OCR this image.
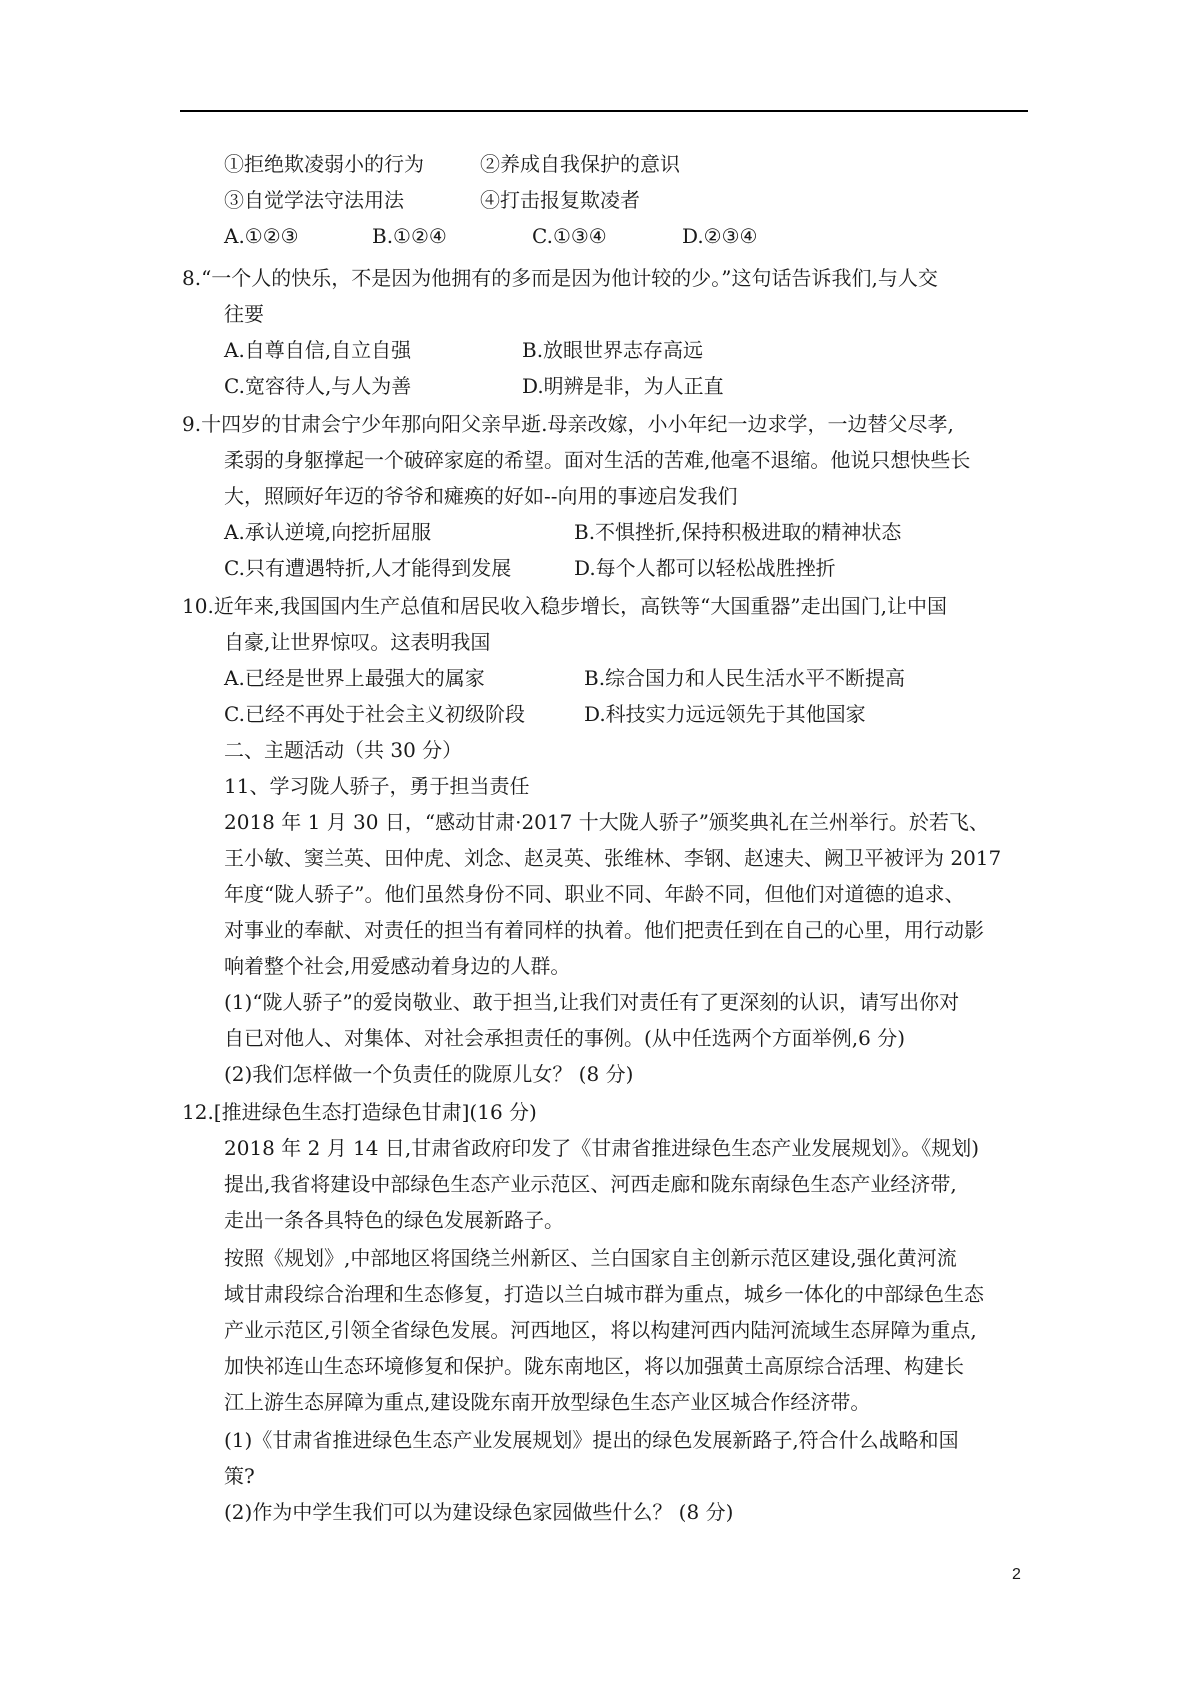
①拒绝欺凌弱小的行为	②养成自我保护的意识
③自觉学法守法用法	④打击报复欺凌者
A.①②③	B.①②④	C.①③④	D.②③④
8.“一个人的快乐，不是因为他拥有的多而是因为他计较的少。”这句话告诉我们,与人交
往要
A.自尊自信,自立自强	B.放眼世界志存高远
C.宽容待人,与人为善	D.明辨是非，为人正直
9.十四岁的甘肃会宁少年那向阳父亲早逝.母亲改嫁，小小年纪一边求学，一边替父尽孝,
柔弱的身躯撑起一个破碎家庭的希望。面对生活的苦难,他毫不退缩。他说只想快些长
大，照顾好年迈的爷爷和瘫痪的好如--向用的事迹启发我们
A.承认逆境,向挖折屈服	B.不惧挫折,保持积极进取的精神状态
C.只有遭遇特折,人才能得到发展	D.每个人都可以轻松战胜挫折
10.近年来,我国国内生产总值和居民收入稳步增长，高铁等“大国重器”走出国门,让中国
自豪,让世界惊叹。这表明我国
A.已经是世界上最强大的属家	B.综合国力和人民生活水平不断提高
C.已经不再处于社会主义初级阶段	D.科技实力远远领先于其他国家
二、主题活动（共 30 分）
11、学习陇人骄子，勇于担当责任
2018 年 1 月 30 日，“感动甘肃·2017 十大陇人骄子”颁奖典礼在兰州举行。於若飞、
王小敏、窦兰英、田仲虎、刘念、赵灵英、张维林、李钢、赵速夫、阙卫平被评为 2017
年度“陇人骄子”。他们虽然身份不同、职业不同、年龄不同，但他们对道德的追求、
对事业的奉献、对责任的担当有着同样的执着。他们把责任到在自己的心里，用行动影
响着整个社会,用爱感动着身边的人群。
(1)“陇人骄子”的爱岗敬业、敢于担当,让我们对责任有了更深刻的认识，请写出你对
自已对他人、对集体、对社会承担责任的事例。(从中任选两个方面举例,6 分)
(2)我们怎样做一个负责任的陇原儿女？ (8 分)
12.[推进绿色生态打造绿色甘肃](16 分)
2018 年 2 月 14 日,甘肃省政府印发了《甘肃省推进绿色生态产业发展规划》。《规划)
提出,我省将建设中部绿色生态产业示范区、河西走廊和陇东南绿色生态产业经济带,
走出一条各具特色的绿色发展新路子。
按照《规划》,中部地区将国绕兰州新区、兰白国家自主创新示范区建设,强化黄河流
域甘肃段综合治理和生态修复，打造以兰白城市群为重点，城乡一体化的中部绿色生态
产业示范区,引领全省绿色发展。河西地区，将以构建河西内陆河流域生态屏障为重点,
加快祁连山生态环境修复和保护。陇东南地区，将以加强黄土高原综合活理、构建长
江上游生态屏障为重点,建设陇东南开放型绿色生态产业区城合作经济带。
(1)《甘肃省推进绿色生态产业发展规划》提出的绿色发展新路子,符合什么战略和国
策?
(2)作为中学生我们可以为建设绿色家园做些什么？ (8 分)
2
